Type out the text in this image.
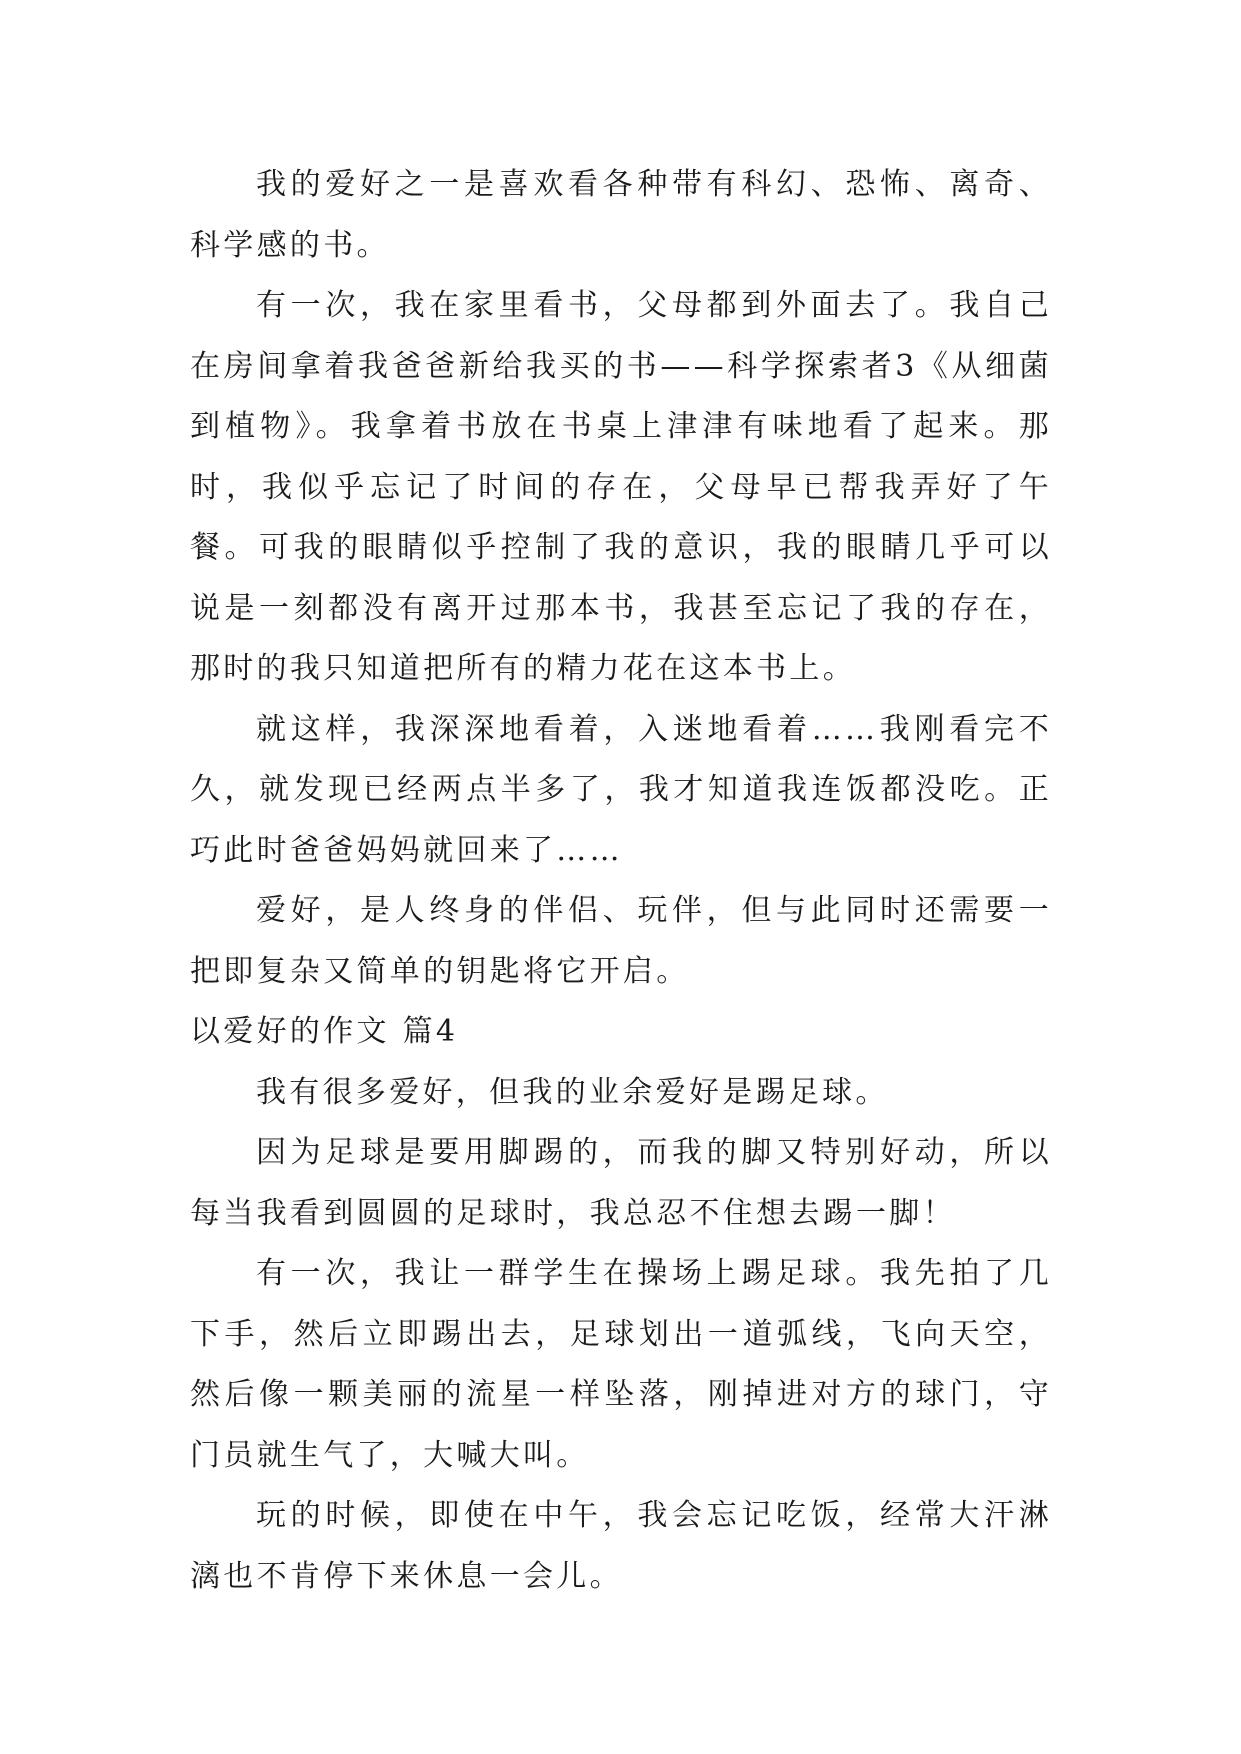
我的爱好之一是喜欢看各种带有科幻、恐怖、离奇、科学感的书。

有一次，我在家里看书，父母都到外面去了。我自己在房间拿着我爸爸新给我买的书——科学探索者3《从细菌到植物》。我拿着书放在书桌上津津有味地看了起来。那时，我似乎忘记了时间的存在，父母早已帮我弄好了午餐。可我的眼睛似乎控制了我的意识，我的眼睛几乎可以说是一刻都没有离开过那本书，我甚至忘记了我的存在，那时的我只知道把所有的精力花在这本书上。

就这样，我深深地看着，入迷地看着……我刚看完不久，就发现已经两点半多了，我才知道我连饭都没吃。正巧此时爸爸妈妈就回来了……

爱好，是人终身的伴侣、玩伴，但与此同时还需要一把即复杂又简单的钥匙将它开启。

以爱好的作文 篇4

我有很多爱好，但我的业余爱好是踢足球。

因为足球是要用脚踢的，而我的脚又特别好动，所以每当我看到圆圆的足球时，我总忍不住想去踢一脚！

有一次，我让一群学生在操场上踢足球。我先拍了几下手，然后立即踢出去，足球划出一道弧线，飞向天空，然后像一颗美丽的流星一样坠落，刚掉进对方的球门，守门员就生气了，大喊大叫。

玩的时候，即使在中午，我会忘记吃饭，经常大汗淋漓也不肯停下来休息一会儿。
